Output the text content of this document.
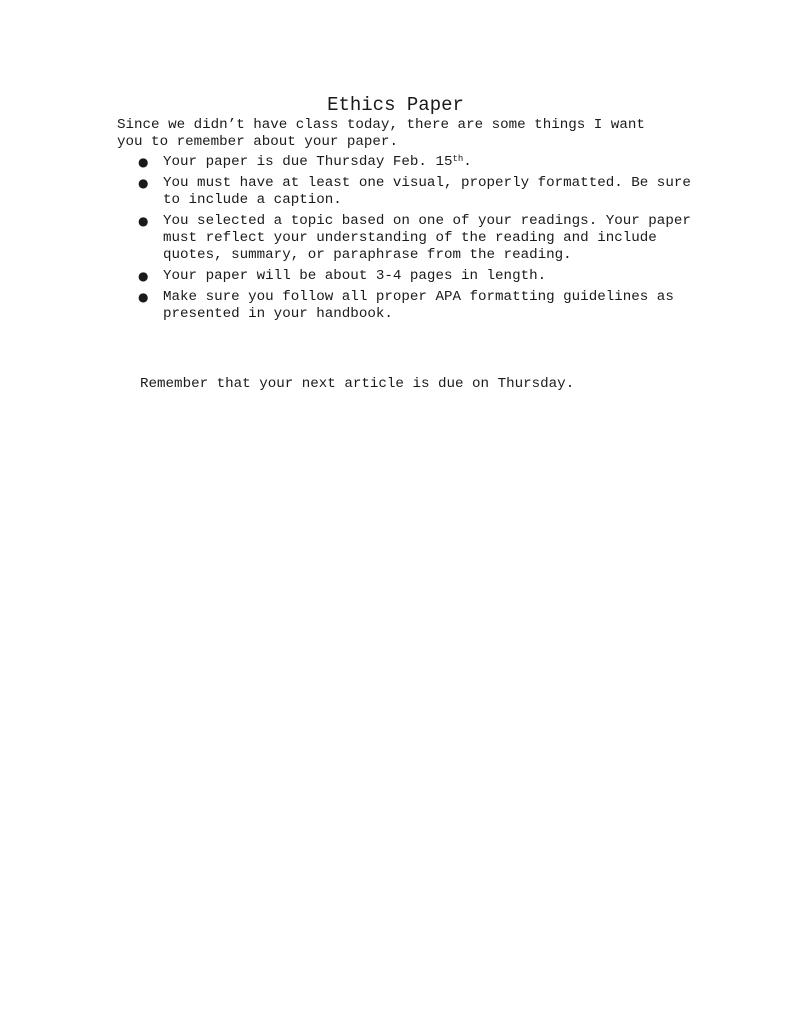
Ethics Paper

Since we didn’t have class today, there are some things I want you to remember about your paper.

● Your paper is due Thursday Feb. 15th.
● You must have at least one visual, properly formatted. Be sure to include a caption.
● You selected a topic based on one of your readings. Your paper must reflect your understanding of the reading and include quotes, summary, or paraphrase from the reading.
● Your paper will be about 3-4 pages in length.
● Make sure you follow all proper APA formatting guidelines as presented in your handbook.

Remember that your next article is due on Thursday.
